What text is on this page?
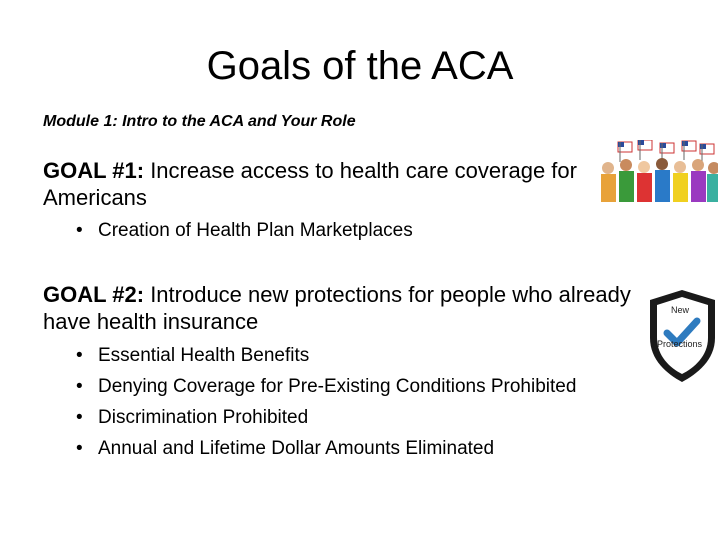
Goals of the ACA
Module 1: Intro to the ACA and Your Role
GOAL #1: Increase access to health care coverage for Americans
• Creation of Health Plan Marketplaces
GOAL #2: Introduce new protections for people who already have health insurance
• Essential Health Benefits
• Denying Coverage for Pre-Existing Conditions Prohibited
• Discrimination Prohibited
• Annual and Lifetime Dollar Amounts Eliminated
New
Protections
